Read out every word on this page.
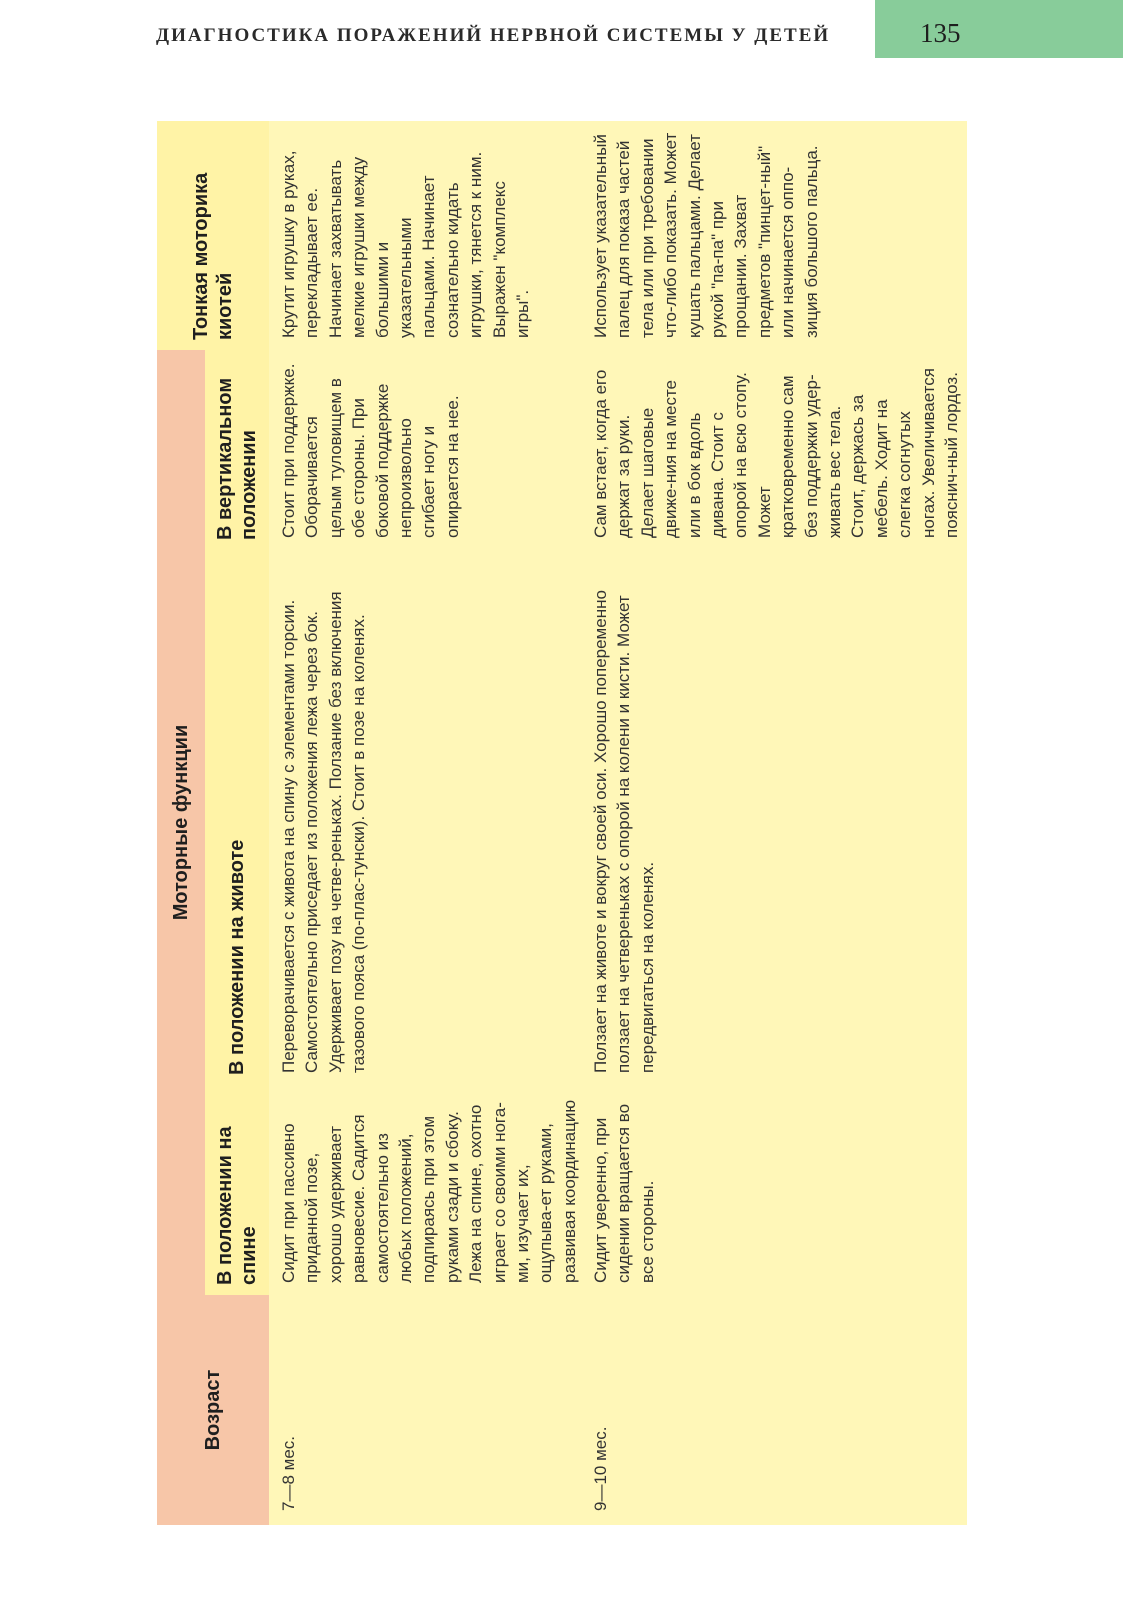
ДИАГНОСТИКА ПОРАЖЕНИЙ НЕРВНОЙ СИСТЕМЫ У ДЕТЕЙ	135
Возраст
Моторные функции
Тонкая моторика киотей
В положении на спине
В положении на животе
В вертикальном положении
7—8 мес.
Сидит при пассивно приданной позе, хорошо удерживает равновесие. Садится самостоятельно из любых положений, подпираясь при этом руками сзади и сбоку. Лежа на спине, охотно играет со своими нога-ми, изучает их, ощупыва-ет руками, развивая координацию
Переворачивается с живота на спину с элементами торсии. Самостоятельно приседает из положения лежа через бок. Удерживает позу на четве-реньках. Ползание без включения тазового пояса (по-плас-тунски). Стоит в позе на коленях.
Стоит при поддержке. Оборачивается целым туловищем в обе стороны. При боковой поддержке непроизвольно сгибает ногу и опирается на нее.
Крутит игрушку в руках, перекладывает ее. Начинает захватывать мелкие игрушки между большими и указательными пальцами. Начинает сознательно кидать игрушки, тянется к ним. Выражен "комплекс игры".
9—10 мес.
Сидит уверенно, при сидении вращается во все стороны.
Ползает на животе и вокруг своей оси. Хорошо попеременно ползает на четвереньках с опорой на колени и кисти. Может передвигаться на коленях.
Сам встает, когда его держат за руки. Делает шаговые движе-ния на месте или в бок вдоль дивана. Стоит с опорой на всю стопу. Может кратковременно сам без поддержки удер-живать вес тела. Стоит, держась за мебель. Ходит на слегка согнутых ногах. Увеличивается пояснич-ный лордоз.
Использует указательный палец для показа частей тела или при требовании что-либо показать. Может кушать пальцами. Делает рукой "па-па" при прощании. Захват предметов "пинцет-ный" или начинается оппо-зиция большого пальца.
